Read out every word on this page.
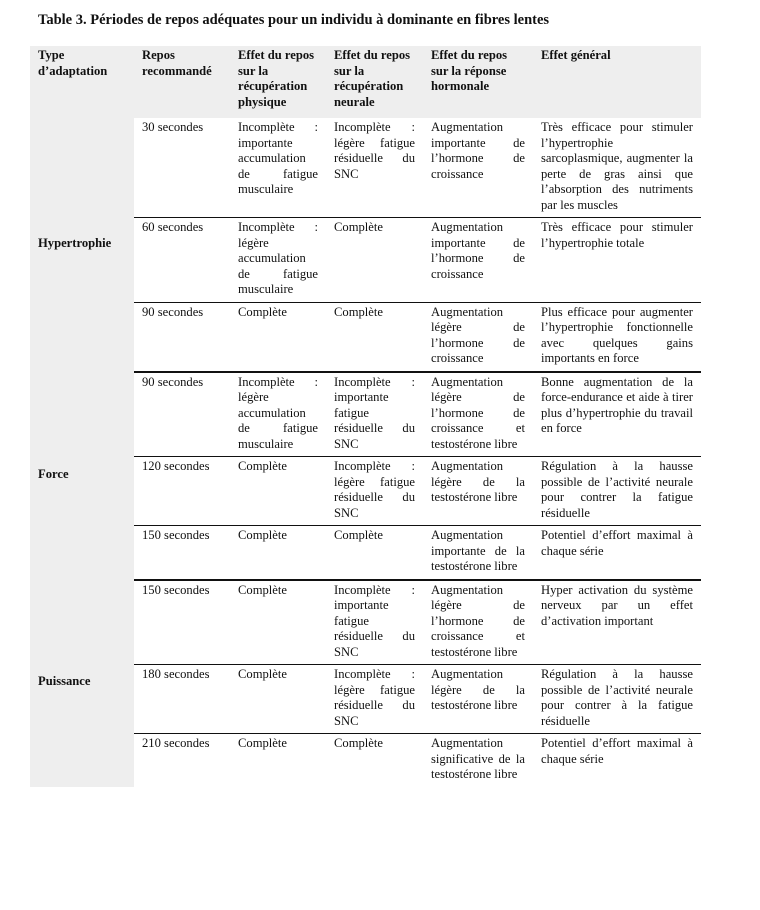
Table 3. Périodes de repos adéquates pour un individu à dominante en fibres lentes
Type d’adaptation	Repos recommandé	Effet du repos sur la récupération physique	Effet du repos sur la récupération neurale	Effet du repos sur la réponse hormonale	Effet général
Hypertrophie	30 secondes	Incomplète : importante accumulation de fatigue musculaire	Incomplète : légère fatigue résiduelle du SNC	Augmentation importante de l’hormone de croissance	Très efficace pour stimuler l’hypertrophie sarcoplasmique, augmenter la perte de gras ainsi que l’absorption des nutriments par les muscles
	60 secondes	Incomplète : légère accumulation de fatigue musculaire	Complète	Augmentation importante de l’hormone de croissance	Très efficace pour stimuler l’hypertrophie totale
	90 secondes	Complète	Complète	Augmentation légère de l’hormone de croissance	Plus efficace pour augmenter l’hypertrophie fonctionnelle avec quelques gains importants en force
Force	90 secondes	Incomplète : légère accumulation de fatigue musculaire	Incomplète : importante fatigue résiduelle du SNC	Augmentation légère de l’hormone de croissance et testostérone libre	Bonne augmentation de la force-endurance et aide à tirer plus d’hypertrophie du travail en force
	120 secondes	Complète	Incomplète : légère fatigue résiduelle du SNC	Augmentation légère de la testostérone libre	Régulation à la hausse possible de l’activité neurale pour contrer la fatigue résiduelle
	150 secondes	Complète	Complète	Augmentation importante de la testostérone libre	Potentiel d’effort maximal à chaque série
Puissance	150 secondes	Complète	Incomplète : importante fatigue résiduelle du SNC	Augmentation légère de l’hormone de croissance et testostérone libre	Hyper activation du système nerveux par un effet d’activation important
	180 secondes	Complète	Incomplète : légère fatigue résiduelle du SNC	Augmentation légère de la testostérone libre	Régulation à la hausse possible de l’activité neurale pour contrer à la fatigue résiduelle
	210 secondes	Complète	Complète	Augmentation significative de la testostérone libre	Potentiel d’effort maximal à chaque série
